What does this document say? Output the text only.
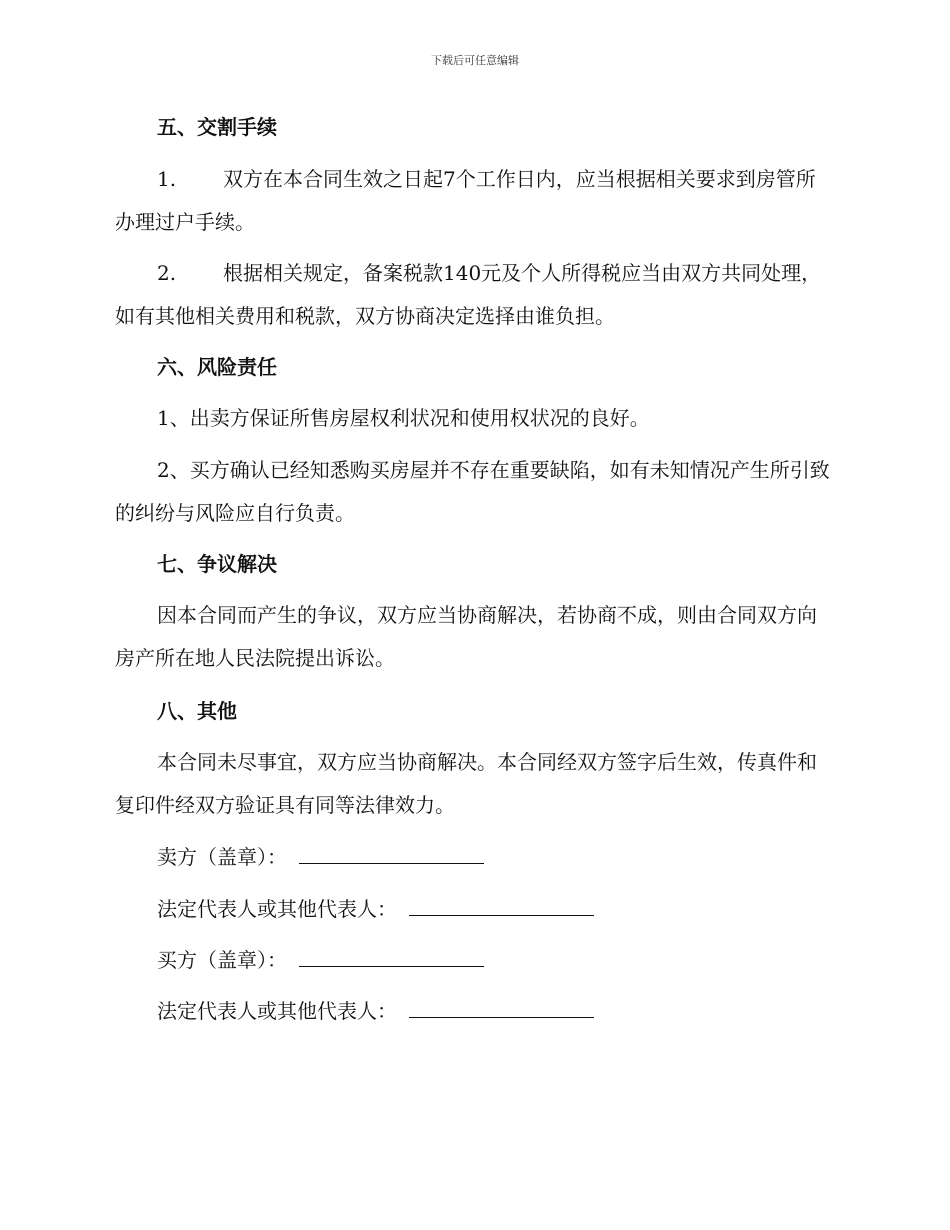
下载后可任意编辑
五、交割手续
1. 双方在本合同生效之日起7个工作日内，应当根据相关要求到房管所办理过户手续。
2. 根据相关规定，备案税款140元及个人所得税应当由双方共同处理，如有其他相关费用和税款，双方协商决定选择由谁负担。
六、风险责任
1、出卖方保证所售房屋权利状况和使用权状况的良好。
2、买方确认已经知悉购买房屋并不存在重要缺陷，如有未知情况产生所引致的纠纷与风险应自行负责。
七、争议解决
因本合同而产生的争议，双方应当协商解决，若协商不成，则由合同双方向房产所在地人民法院提出诉讼。
八、其他
本合同未尽事宜，双方应当协商解决。本合同经双方签字后生效，传真件和复印件经双方验证具有同等法律效力。
卖方（盖章）：
法定代表人或其他代表人：
买方（盖章）：
法定代表人或其他代表人：
